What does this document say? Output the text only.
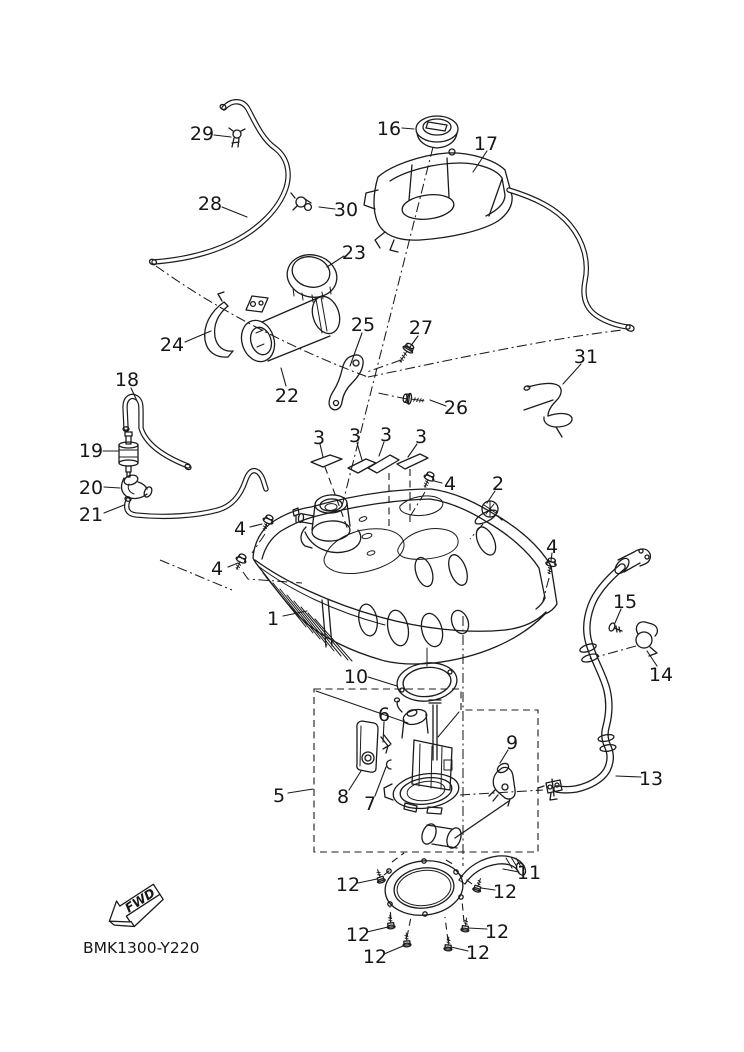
FWD
BMK1300-Y220
29	16
17
28	30
23
24
22
25 27
26
31
18
19
20
21
3 3 3 3
4 2
4
4
4
1
10
5
6
8 7
9
11
12	12
12	12
12	12
13
14
15
